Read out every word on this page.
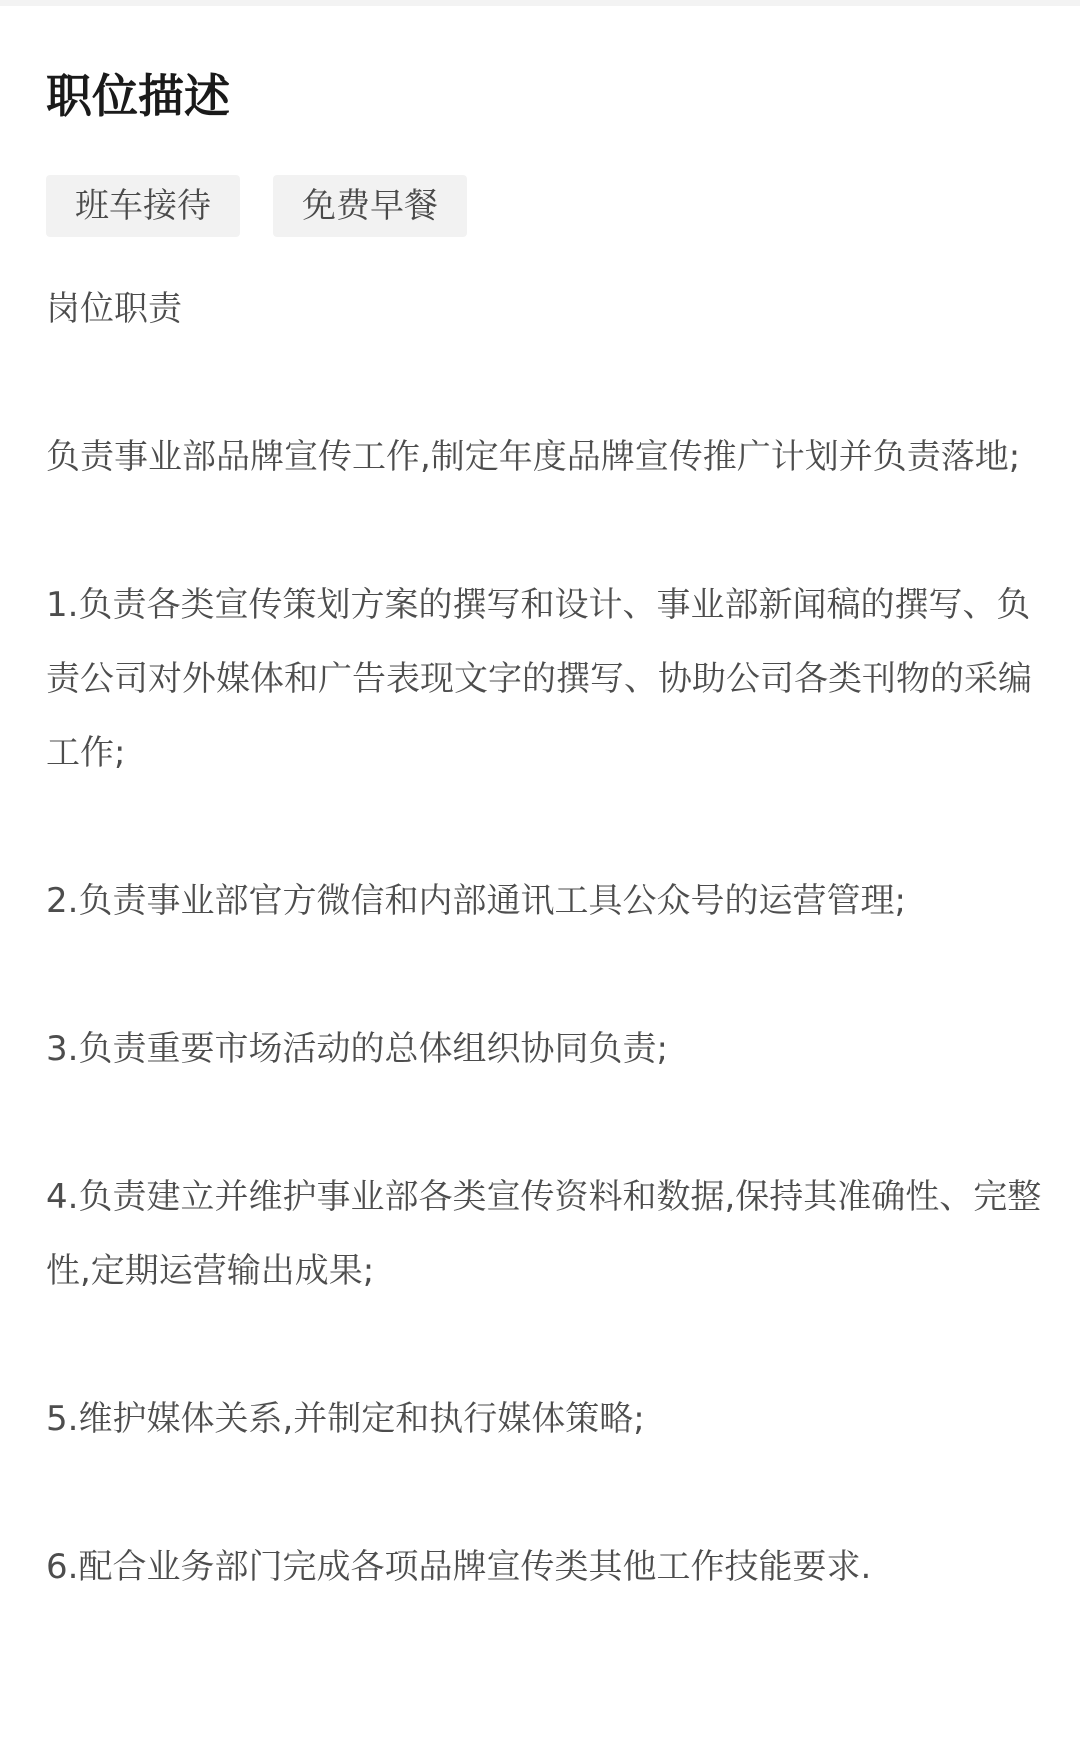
职位描述
班车接待	免费早餐

岗位职责

负责事业部品牌宣传工作,制定年度品牌宣传推广计划并负责落地;

1.负责各类宣传策划方案的撰写和设计、事业部新闻稿的撰写、负责公司对外媒体和广告表现文字的撰写、协助公司各类刊物的采编工作;

2.负责事业部官方微信和内部通讯工具公众号的运营管理;

3.负责重要市场活动的总体组织协同负责;

4.负责建立并维护事业部各类宣传资料和数据,保持其准确性、完整性,定期运营输出成果;

5.维护媒体关系,并制定和执行媒体策略;

6.配合业务部门完成各项品牌宣传类其他工作技能要求.
